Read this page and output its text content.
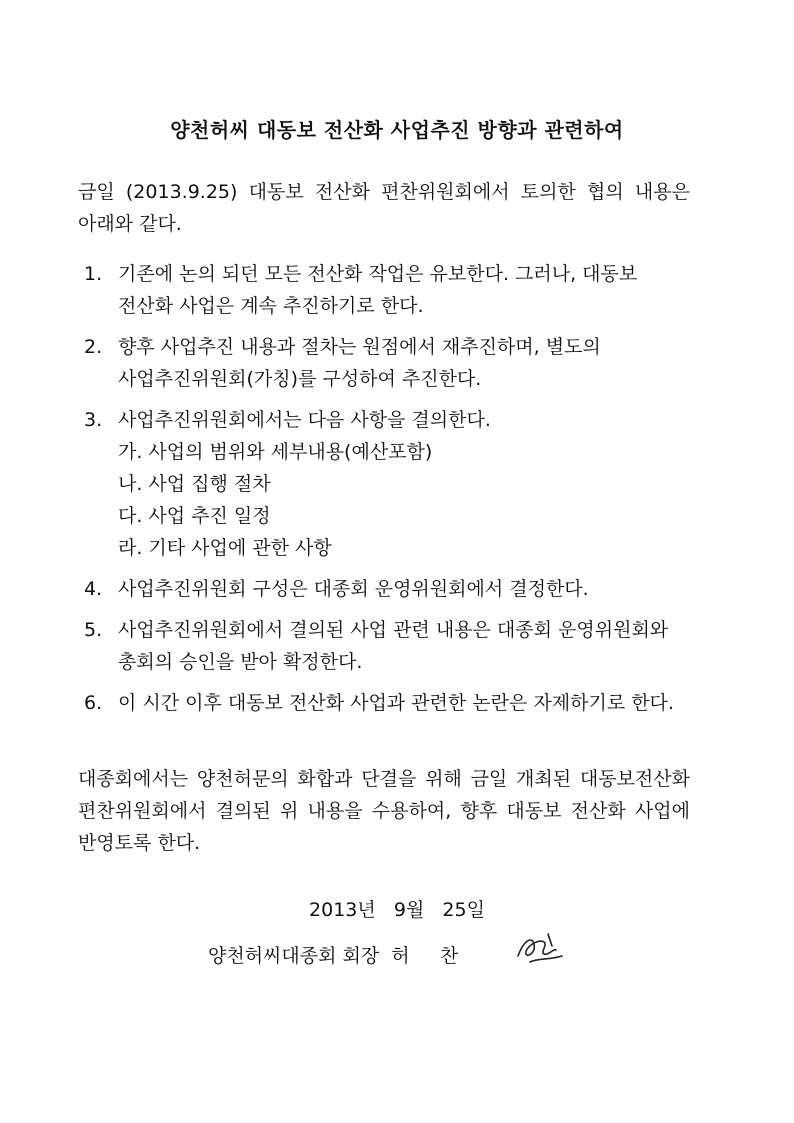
양천허씨 대동보 전산화 사업추진 방향과 관련하여

금일 (2013.9.25) 대동보 전산화 편찬위원회에서 토의한 협의 내용은 아래와 같다.

1. 기존에 논의 되던 모든 전산화 작업은 유보한다. 그러나, 대동보 전산화 사업은 계속 추진하기로 한다.
2. 향후 사업추진 내용과 절차는 원점에서 재추진하며, 별도의 사업추진위원회(가칭)를 구성하여 추진한다.
3. 사업추진위원회에서는 다음 사항을 결의한다.
가. 사업의 범위와 세부내용(예산포함)
나. 사업 집행 절차
다. 사업 추진 일정
라. 기타 사업에 관한 사항
4. 사업추진위원회 구성은 대종회 운영위원회에서 결정한다.
5. 사업추진위원회에서 결의된 사업 관련 내용은 대종회 운영위원회와 총회의 승인을 받아 확정한다.
6. 이 시간 이후 대동보 전산화 사업과 관련한 논란은 자제하기로 한다.

대종회에서는 양천허문의 화합과 단결을 위해 금일 개최된 대동보전산화 편찬위원회에서 결의된 위 내용을 수용하여, 향후 대동보 전산화 사업에 반영토록 한다.

2013년   9월   25일
양천허씨대종회 회장  허     찬
